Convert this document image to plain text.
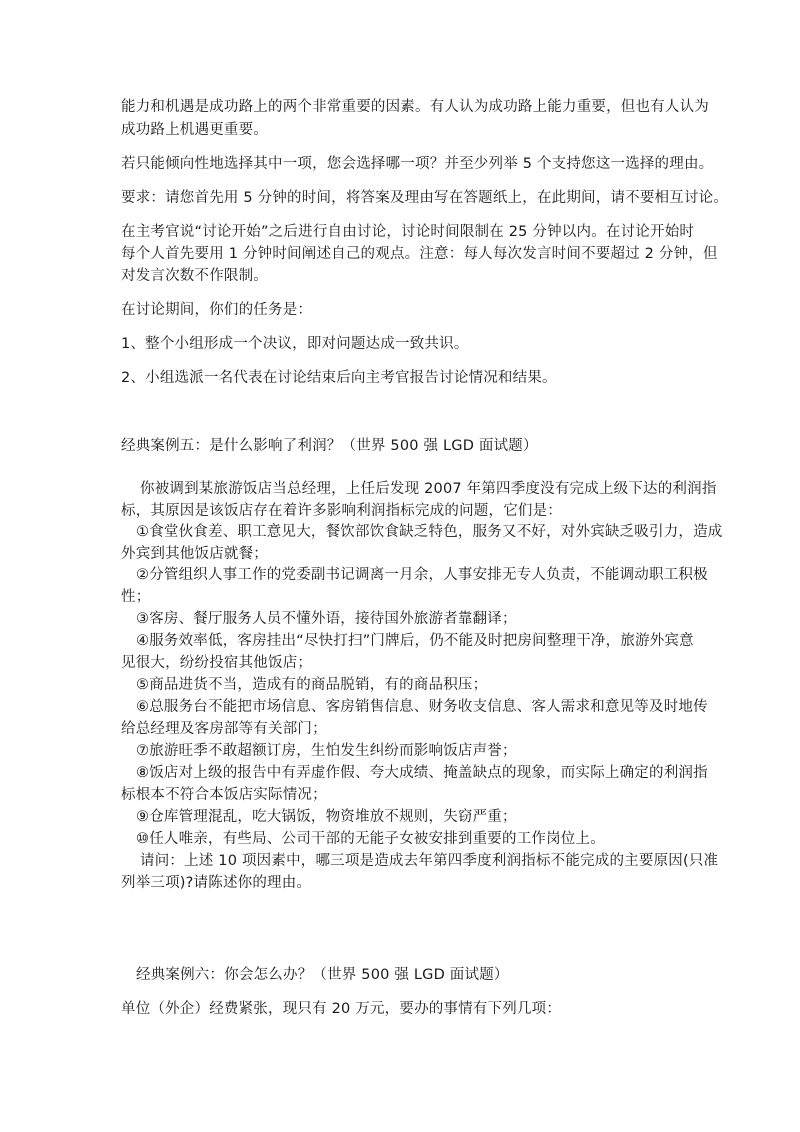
能力和机遇是成功路上的两个非常重要的因素。有人认为成功路上能力重要，但也有人认为
成功路上机遇更重要。
若只能倾向性地选择其中一项，您会选择哪一项？并至少列举 5 个支持您这一选择的理由。
要求：请您首先用 5 分钟的时间，将答案及理由写在答题纸上，在此期间，请不要相互讨论。
在主考官说“讨论开始”之后进行自由讨论，讨论时间限制在 25 分钟以内。在讨论开始时
每个人首先要用 1 分钟时间阐述自己的观点。注意：每人每次发言时间不要超过 2 分钟，但
对发言次数不作限制。
在讨论期间，你们的任务是：
1、整个小组形成一个决议，即对问题达成一致共识。
2、小组选派一名代表在讨论结束后向主考官报告讨论情况和结果。
经典案例五：是什么影响了利润？（世界 500 强 LGD 面试题）
你被调到某旅游饭店当总经理，上任后发现 2007 年第四季度没有完成上级下达的利润指
标，其原因是该饭店存在着许多影响利润指标完成的问题，它们是：
①食堂伙食差、职工意见大，餐饮部饮食缺乏特色，服务又不好，对外宾缺乏吸引力，造成
外宾到其他饭店就餐；
②分管组织人事工作的党委副书记调离一月余，人事安排无专人负责，不能调动职工积极
性；
③客房、餐厅服务人员不懂外语，接待国外旅游者靠翻译；
④服务效率低，客房挂出“尽快打扫”门牌后，仍不能及时把房间整理干净，旅游外宾意
见很大，纷纷投宿其他饭店；
⑤商品进货不当，造成有的商品脱销，有的商品积压；
⑥总服务台不能把市场信息、客房销售信息、财务收支信息、客人需求和意见等及时地传
给总经理及客房部等有关部门；
⑦旅游旺季不敢超额订房，生怕发生纠纷而影响饭店声誉；
⑧饭店对上级的报告中有弄虚作假、夸大成绩、掩盖缺点的现象，而实际上确定的利润指
标根本不符合本饭店实际情况；
⑨仓库管理混乱，吃大锅饭，物资堆放不规则，失窃严重；
⑩任人唯亲，有些局、公司干部的无能子女被安排到重要的工作岗位上。
请问：上述 10 项因素中，哪三项是造成去年第四季度利润指标不能完成的主要原因(只准
列举三项)?请陈述你的理由。
经典案例六：你会怎么办？（世界 500 强 LGD 面试题）
单位（外企）经费紧张，现只有 20 万元，要办的事情有下列几项：
